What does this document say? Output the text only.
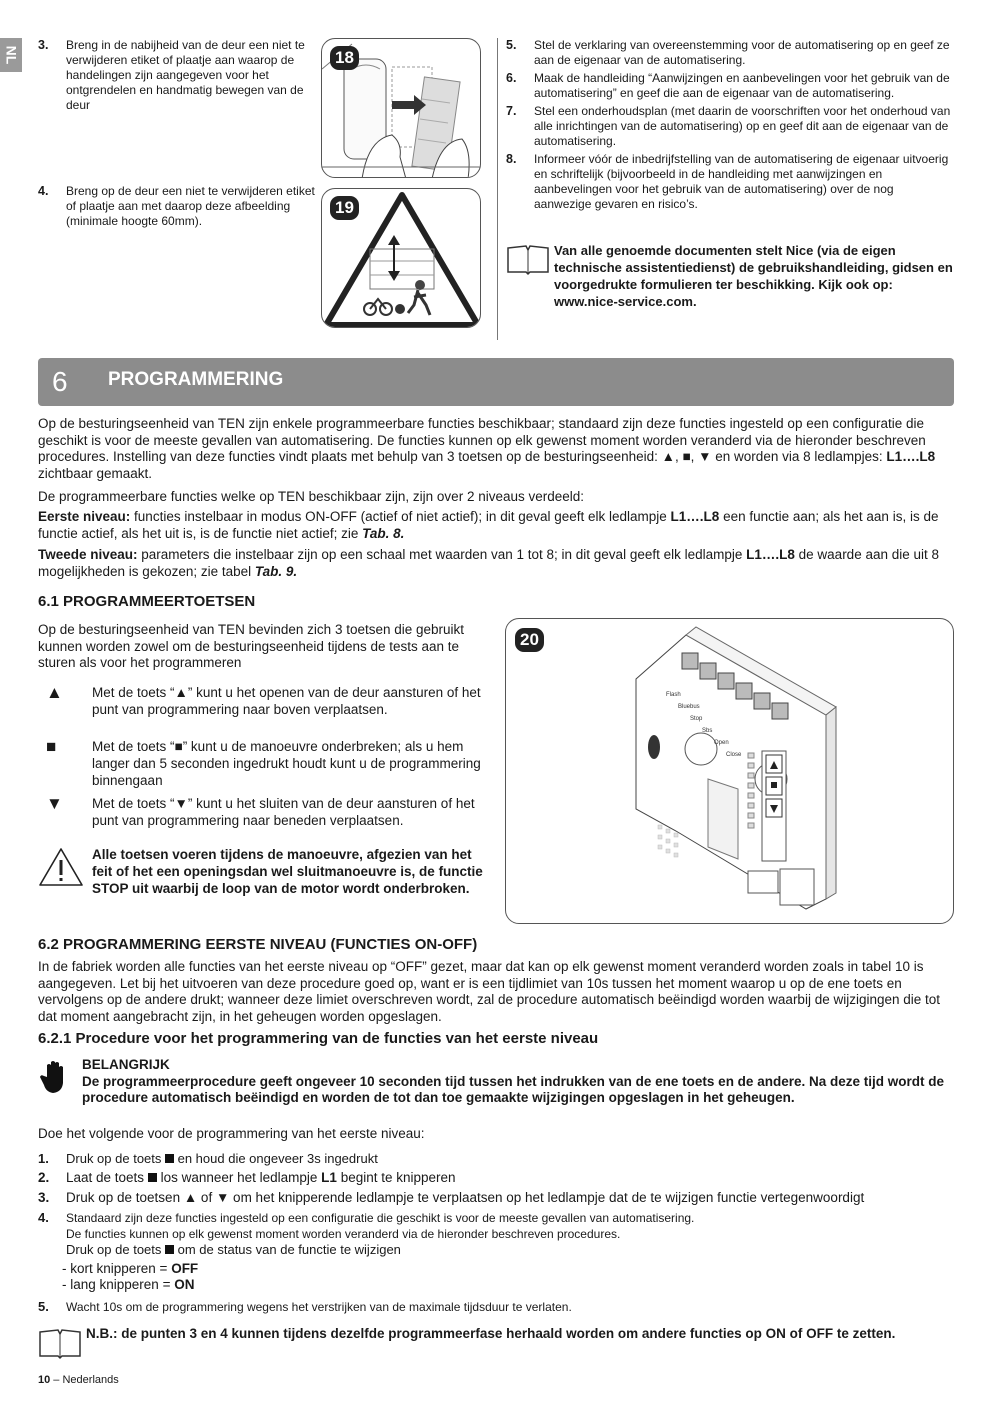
NL
3.	Breng in de nabijheid van de deur een niet te verwijderen etiket of plaatje aan waarop de handelingen zijn aangegeven voor het ontgrendelen en handmatig bewegen van de deur
4.	Breng op de deur een niet te verwijderen etiket of plaatje aan met daarop deze afbeelding (minimale hoogte 60mm).
18
19
5.	Stel de verklaring van overeenstemming voor de automatisering op en geef ze aan de eigenaar van de automatisering.
6.	Maak de handleiding “Aanwijzingen en aanbevelingen voor het gebruik van de automatisering” en geef die aan de eigenaar van de automatisering.
7.	Stel een onderhoudsplan (met daarin de voorschriften voor het onderhoud van alle inrichtingen van de automatisering) op en geef dit aan de eigenaar van de automatisering.
8.	Informeer vóór de inbedrijfstelling van de automatisering de eigenaar uitvoerig en schriftelijk (bijvoorbeeld in de handleiding met aanwijzingen en aanbevelingen voor het gebruik van de automatisering) over de nog aanwezige gevaren en risico’s.
Van alle genoemde documenten stelt Nice (via de eigen technische assistentiedienst) de gebruikshandleiding, gidsen en voorgedrukte formulieren ter beschikking. Kijk ook op: www.nice-service.com.
6 PROGRAMMERING
Op de besturingseenheid van TEN zijn enkele programmeerbare functies beschikbaar; standaard zijn deze functies ingesteld op een configuratie die geschikt is voor de meeste gevallen van automatisering. De functies kunnen op elk gewenst moment worden veranderd via de hieronder beschreven procedures. Instelling van deze functies vindt plaats met behulp van 3 toetsen op de besturingseenheid: ▲, ■, ▼ en worden via 8 ledlampjes: L1….L8 zichtbaar gemaakt.
De programmeerbare functies welke op TEN beschikbaar zijn, zijn over 2 niveaus verdeeld:
Eerste niveau: functies instelbaar in modus ON-OFF (actief of niet actief); in dit geval geeft elk ledlampje L1….L8 een functie aan; als het aan is, is de functie actief, als het uit is, is de functie niet actief; zie Tab. 8.
Tweede niveau: parameters die instelbaar zijn op een schaal met waarden van 1 tot 8; in dit geval geeft elk ledlampje L1….L8 de waarde aan die uit 8 mogelijkheden is gekozen; zie tabel Tab. 9.
6.1 PROGRAMMEERTOETSEN
Op de besturingseenheid van TEN bevinden zich 3 toetsen die gebruikt kunnen worden zowel om de besturingseenheid tijdens de tests aan te sturen als voor het programmeren
▲	Met de toets “▲” kunt u het openen van de deur aansturen of het punt van programmering naar boven verplaatsen.
■	Met de toets “■” kunt u de manoeuvre onderbreken; als u hem langer dan 5 seconden ingedrukt houdt kunt u de programmering binnengaan
▼	Met de toets “▼” kunt u het sluiten van de deur aansturen of het punt van programmering naar beneden verplaatsen.
Alle toetsen voeren tijdens de manoeuvre, afgezien van het feit of het een openingsdan wel sluitmanoeuvre is, de functie STOP uit waarbij de loop van de motor wordt onderbroken.
Flash
Bluebus
Stop
Sbs
Open
Close
20
6.2 PROGRAMMERING EERSTE NIVEAU (FUNCTIES ON-OFF)
In de fabriek worden alle functies van het eerste niveau op “OFF” gezet, maar dat kan op elk gewenst moment veranderd worden zoals in tabel 10 is aangegeven. Let bij het uitvoeren van deze procedure goed op, want er is een tijdlimiet van 10s tussen het moment waarop u op de ene toets en vervolgens op de andere drukt; wanneer deze limiet overschreven wordt, zal de procedure automatisch beëindigd worden waarbij de wijzigingen die tot dat moment aangebracht zijn, in het geheugen worden opgeslagen.
6.2.1 Procedure voor het programmering van de functies van het eerste niveau
BELANGRIJK
De programmeerprocedure geeft ongeveer 10 seconden tijd tussen het indrukken van de ene toets en de andere. Na deze tijd wordt de procedure automatisch beëindigd en worden de tot dan toe gemaakte wijzigingen opgeslagen in het geheugen.
Doe het volgende voor de programmering van het eerste niveau:
1.	Druk op de toets  en houd die ongeveer 3s ingedrukt
2.	Laat de toets  los wanneer het ledlampje L1 begint te knipperen
3.	Druk op de toetsen ▲ of ▼ om het knipperende ledlampje te verplaatsen op het ledlampje dat de te wijzigen functie vertegenwoordigt
4.	Standaard zijn deze functies ingesteld op een configuratie die geschikt is voor de meeste gevallen van automatisering.
De functies kunnen op elk gewenst moment worden veranderd via de hieronder beschreven procedures.
Druk op de toets  om de status van de functie te wijzigen
- kort knipperen = OFF
- lang knipperen = ON
5.	Wacht 10s om de programmering wegens het verstrijken van de maximale tijdsduur te verlaten.
N.B.: de punten 3 en 4 kunnen tijdens dezelfde programmeerfase herhaald worden om andere functies op ON of OFF te zetten.
10 – Nederlands
